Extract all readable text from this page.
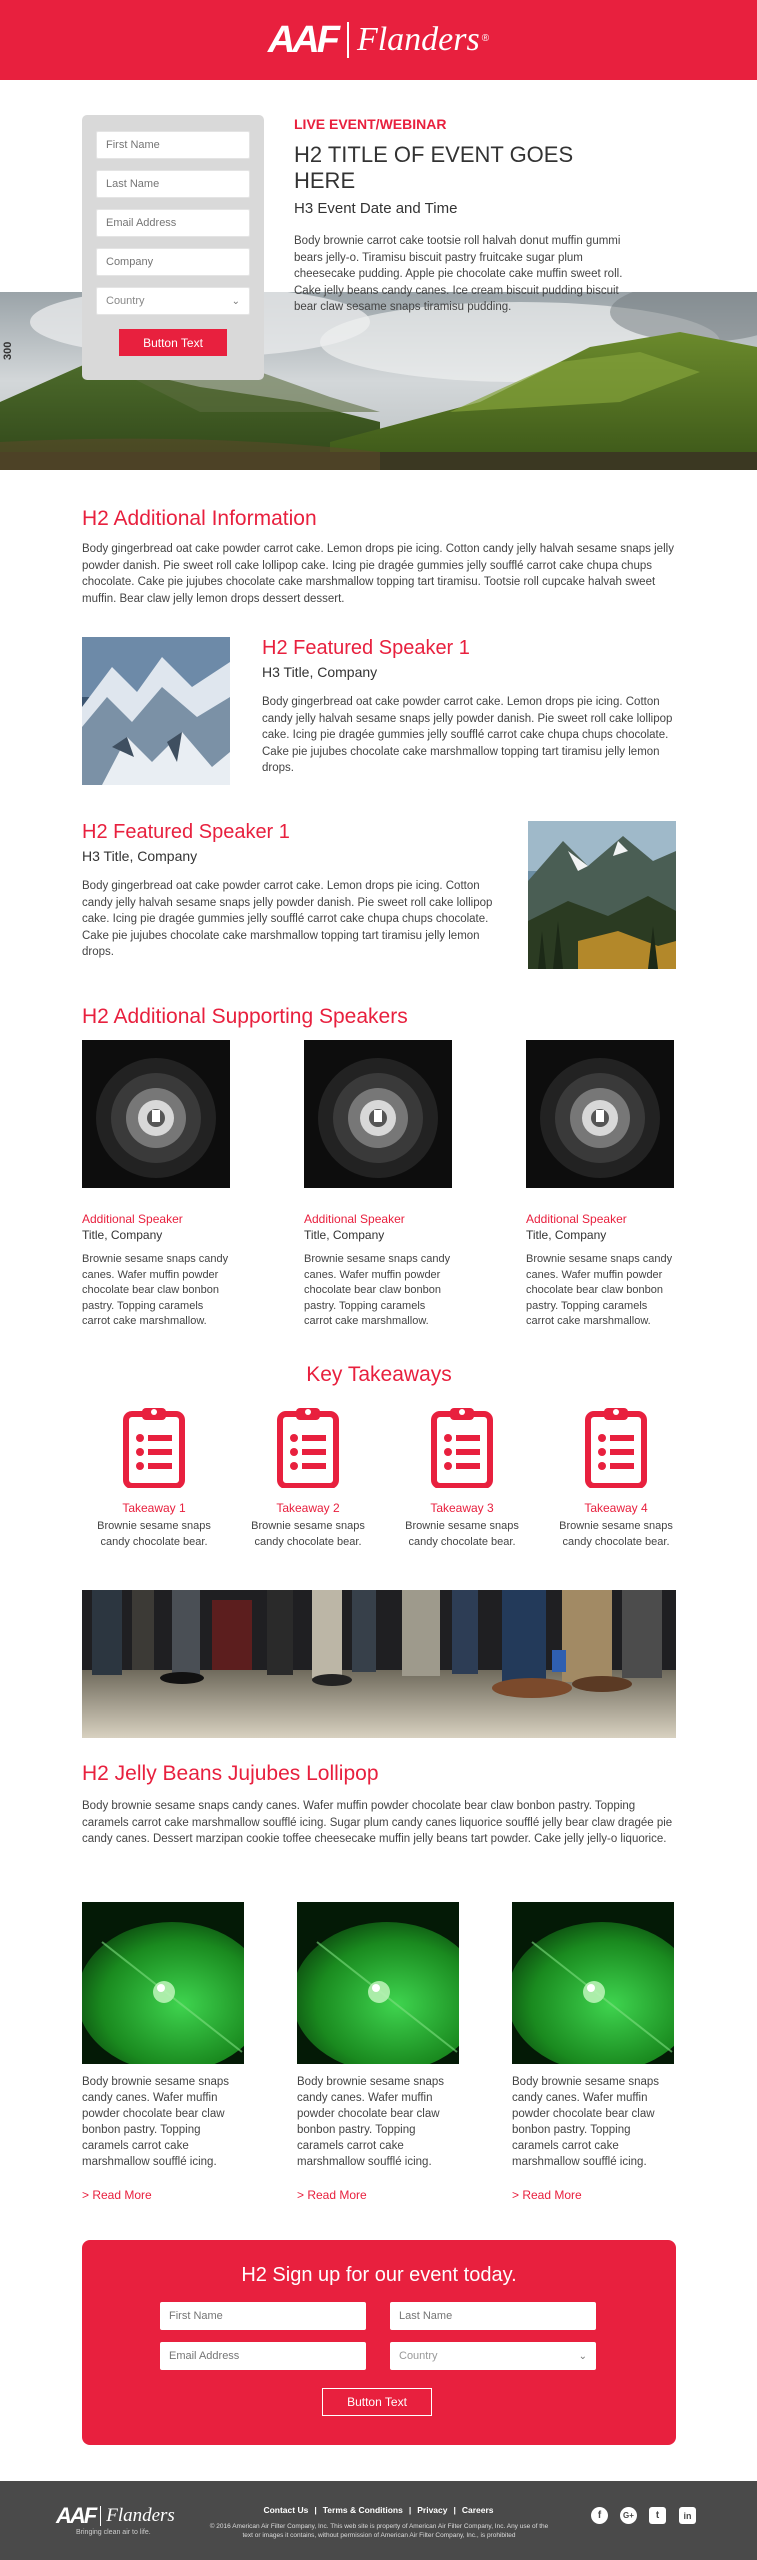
AAF Flanders ®
300
First Name
Last Name
Email Address
Company
Country	⌄
Button Text
LIVE EVENT/WEBINAR
H2 TITLE OF EVENT GOES HERE
H3 Event Date and Time

Body brownie carrot cake tootsie roll halvah donut muffin gummi bears jelly-o. Tiramisu biscuit pastry fruitcake sugar plum cheesecake pudding. Apple pie chocolate cake muffin sweet roll. Cake jelly beans candy canes. Ice cream biscuit pudding biscuit bear claw sesame snaps tiramisu pudding.

H2 Additional Information

Body gingerbread oat cake powder carrot cake. Lemon drops pie icing. Cotton candy jelly halvah sesame snaps jelly powder danish. Pie sweet roll cake lollipop cake. Icing pie dragée gummies jelly soufflé carrot cake chupa chups chocolate. Cake pie jujubes chocolate cake marshmallow topping tart tiramisu. Tootsie roll cupcake halvah sweet muffin. Bear claw jelly lemon drops dessert dessert.

H2 Featured Speaker 1
H3 Title, Company

Body gingerbread oat cake powder carrot cake. Lemon drops pie icing. Cotton candy jelly halvah sesame snaps jelly powder danish. Pie sweet roll cake lollipop cake. Icing pie dragée gummies jelly soufflé carrot cake chupa chups chocolate. Cake pie jujubes chocolate cake marshmallow topping tart tiramisu jelly lemon drops.

H2 Featured Speaker 1
H3 Title, Company

Body gingerbread oat cake powder carrot cake. Lemon drops pie icing. Cotton candy jelly halvah sesame snaps jelly powder danish. Pie sweet roll cake lollipop cake. Icing pie dragée gummies jelly soufflé carrot cake chupa chups chocolate. Cake pie jujubes chocolate cake marshmallow topping tart tiramisu jelly lemon drops.

H2 Additional Supporting Speakers
Additional Speaker
Title, Company

Brownie sesame snaps candy canes. Wafer muffin powder chocolate bear claw bonbon pastry. Topping caramels carrot cake marshmallow.

Additional Speaker
Title, Company

Brownie sesame snaps candy canes. Wafer muffin powder chocolate bear claw bonbon pastry. Topping caramels carrot cake marshmallow.

Additional Speaker
Title, Company

Brownie sesame snaps candy canes. Wafer muffin powder chocolate bear claw bonbon pastry. Topping caramels carrot cake marshmallow.

Key Takeaways
Takeaway 1

Brownie sesame snaps candy chocolate bear.

Takeaway 2

Brownie sesame snaps candy chocolate bear.

Takeaway 3

Brownie sesame snaps candy chocolate bear.

Takeaway 4

Brownie sesame snaps candy chocolate bear.

H2 Jelly Beans Jujubes Lollipop

Body brownie sesame snaps candy canes. Wafer muffin powder chocolate bear claw bonbon pastry. Topping caramels carrot cake marshmallow soufflé icing. Sugar plum candy canes liquorice soufflé jelly bear claw dragée pie candy canes. Dessert marzipan cookie toffee cheesecake muffin jelly beans tart powder. Cake jelly jelly-o liquorice.

Body brownie sesame snaps candy canes. Wafer muffin powder chocolate bear claw bonbon pastry. Topping caramels carrot cake marshmallow soufflé icing.

> Read More

Body brownie sesame snaps candy canes. Wafer muffin powder chocolate bear claw bonbon pastry. Topping caramels carrot cake marshmallow soufflé icing.

> Read More

Body brownie sesame snaps candy canes. Wafer muffin powder chocolate bear claw bonbon pastry. Topping caramels carrot cake marshmallow soufflé icing.

> Read More
H2 Sign up for our event today.
First Name
Last Name
Email Address
Country	⌄
Button Text
AAF Flanders
Bringing clean air to life.
Contact Us | Terms & Conditions | Privacy | Careers
© 2016 American Air Filter Company, Inc. This web site is property of American Air Filter Company, Inc. Any use of the text or images it contains, without permission of American Air Filter Company, Inc., is prohibited
f	G+	t	in
